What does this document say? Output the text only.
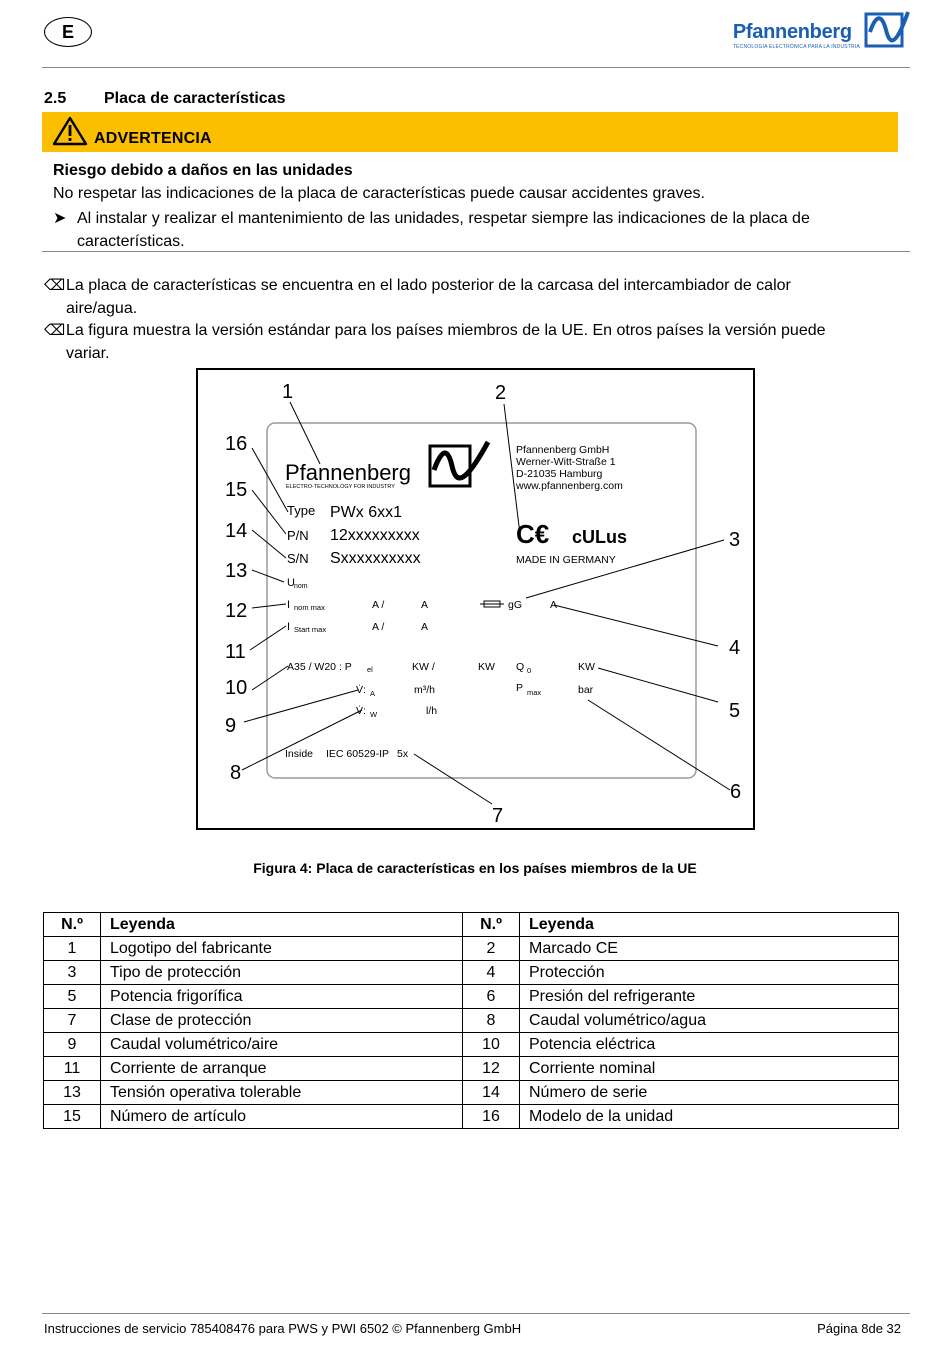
E	Pfannenberg
TECNOLOGÍA ELECTRÓNICA PARA LA INDUSTRIA
2.5 Placa de características
ADVERTENCIA
Riesgo debido a daños en las unidades
No respetar las indicaciones de la placa de características puede causar accidentes graves.
➤ Al instalar y realizar el mantenimiento de las unidades, respetar siempre las indicaciones de la placa de
características.
⌫La placa de características se encuentra en el lado posterior de la carcasa del intercambiador de calor
aire/agua.
⌫La figura muestra la versión estándar para los países miembros de la UE. En otros países la versión puede
variar.
Pfannenberg
ELECTRO-TECHNOLOGY FOR INDUSTRY
Pfannenberg GmbH
Werner-Witt-Straße 1
D-21035 Hamburg
www.pfannenberg.com
C€ cULus
MADE IN GERMANY
Type PWx 6xx1
P/N 12xxxxxxxxx
S/N Sxxxxxxxxxx
U nom
I nom max	A /	A	gG	A
I Start max	A /	A
A35 / W20 : P el	KW /	KW Q 0	KW
V̇: A	m³/h	P max	bar
V̇: W	l/h
Inside IEC 60529-IP 5x
1	2
3
4
5
6
7
8
9
10
11
12
13
14
15
16
Figura 4: Placa de características en los países miembros de la UE
N.º	Leyenda	N.º	Leyenda
1	Logotipo del fabricante	2	Marcado CE
3	Tipo de protección	4	Protección
5	Potencia frigorífica	6	Presión del refrigerante
7	Clase de protección	8	Caudal volumétrico/agua
9	Caudal volumétrico/aire	10	Potencia eléctrica
11	Corriente de arranque	12	Corriente nominal
13	Tensión operativa tolerable	14	Número de serie
15	Número de artículo	16	Modelo de la unidad
Instrucciones de servicio 785408476 para PWS y PWI 6502 © Pfannenberg GmbH	Página 8de 32
